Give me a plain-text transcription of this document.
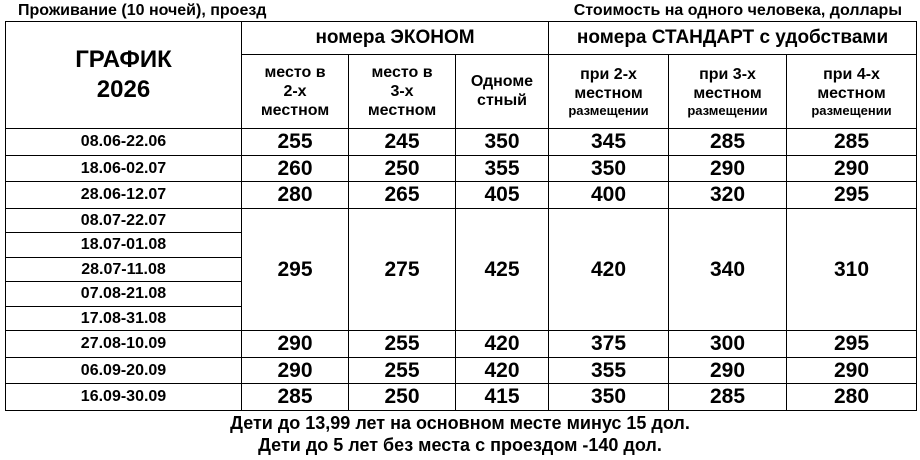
Проживание (10 ночей), проезд	Стоимость на одного человека, доллары
ГРАФИК
2026	номера ЭКОНОМ			номера СТАНДАРТ с удобствами		

	место в
2-х
местном	место в
3-х
местном	Одноме
стный	при 2-х
местном
размещении	при 3-х
местном
размещении	при 4-х
местном
размещении

08.06-22.06	255	245	350	345	285	285
18.06-02.07	260	250	355	350	290	290
28.06-12.07	280	265	405	400	320	295
08.07-22.07	295	275	425	420	340	310
18.07-01.08						
28.07-11.08						
07.08-21.08						
17.08-31.08						
27.08-10.09	290	255	420	375	300	295
06.09-20.09	290	255	420	355	290	290
16.09-30.09	285	250	415	350	285	280
Дети до 13,99 лет на основном месте минус 15 дол.
Дети до 5 лет без места с проездом -140 дол.
